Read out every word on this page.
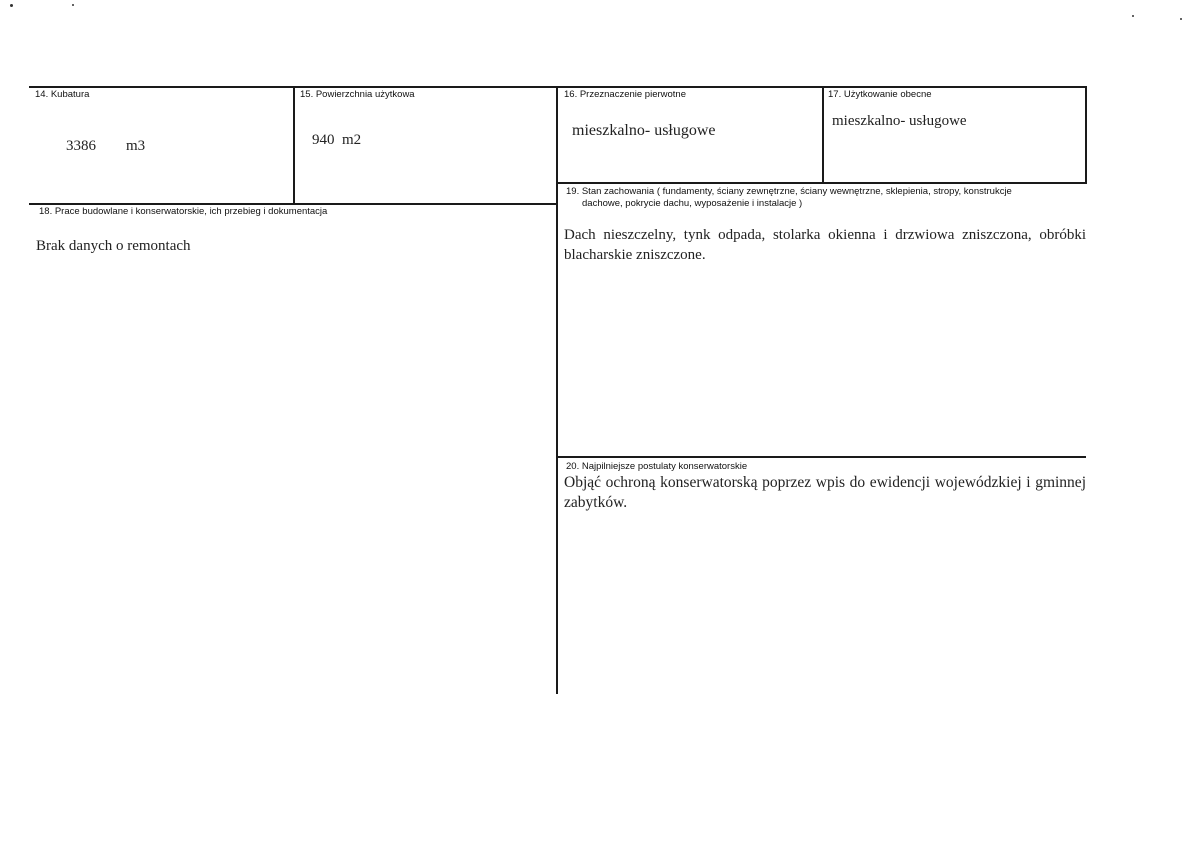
14. Kubatura
3386 m3
15. Powierzchnia użytkowa
940  m2
16. Przeznaczenie pierwotne
mieszkalno- usługowe
17. Użytkowanie obecne
mieszkalno- usługowe
18. Prace budowlane i konserwatorskie, ich przebieg i dokumentacja
Brak danych o remontach
19. Stan zachowania ( fundamenty, ściany zewnętrzne, ściany wewnętrzne, sklepienia, stropy, konstrukcje
dachowe, pokrycie dachu, wyposażenie i instalacje )
Dach nieszczelny, tynk odpada, stolarka okienna i drzwiowa zniszczona, obróbki blacharskie zniszczone.
20. Najpilniejsze postulaty konserwatorskie
Objąć ochroną konserwatorską poprzez wpis do ewidencji wojewódzkiej i gminnej zabytków.
